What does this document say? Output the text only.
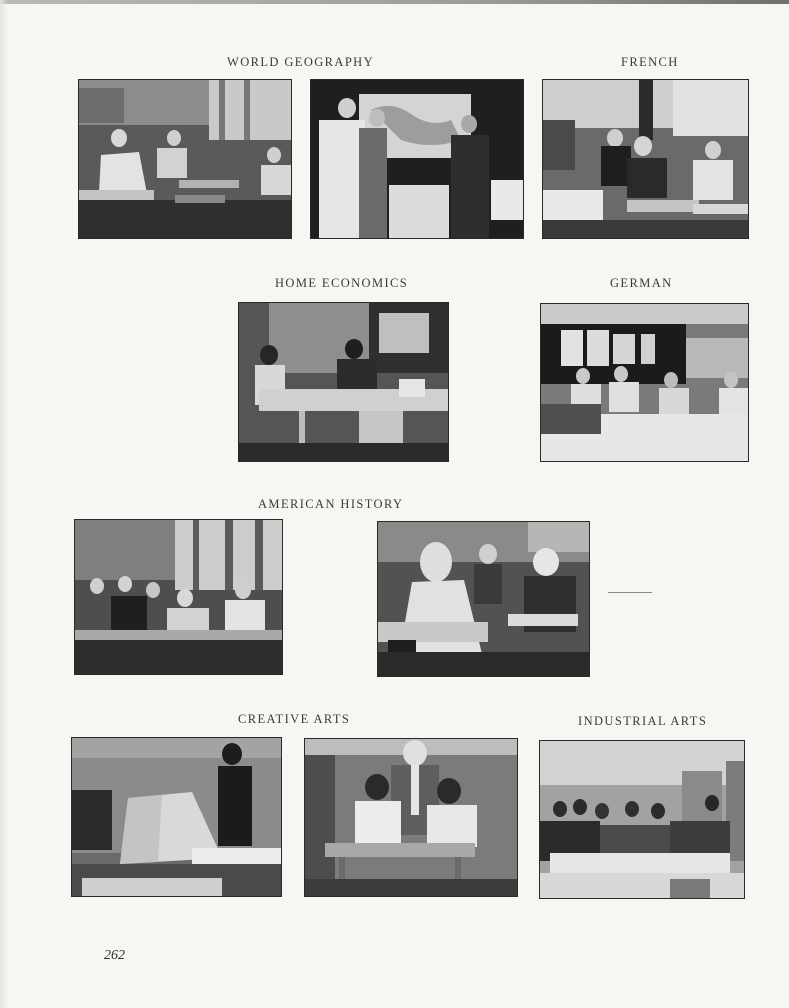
WORLD GEOGRAPHY	FRENCH
HOME ECONOMICS	GERMAN
AMERICAN HISTORY
CREATIVE ARTS	INDUSTRIAL ARTS
262
